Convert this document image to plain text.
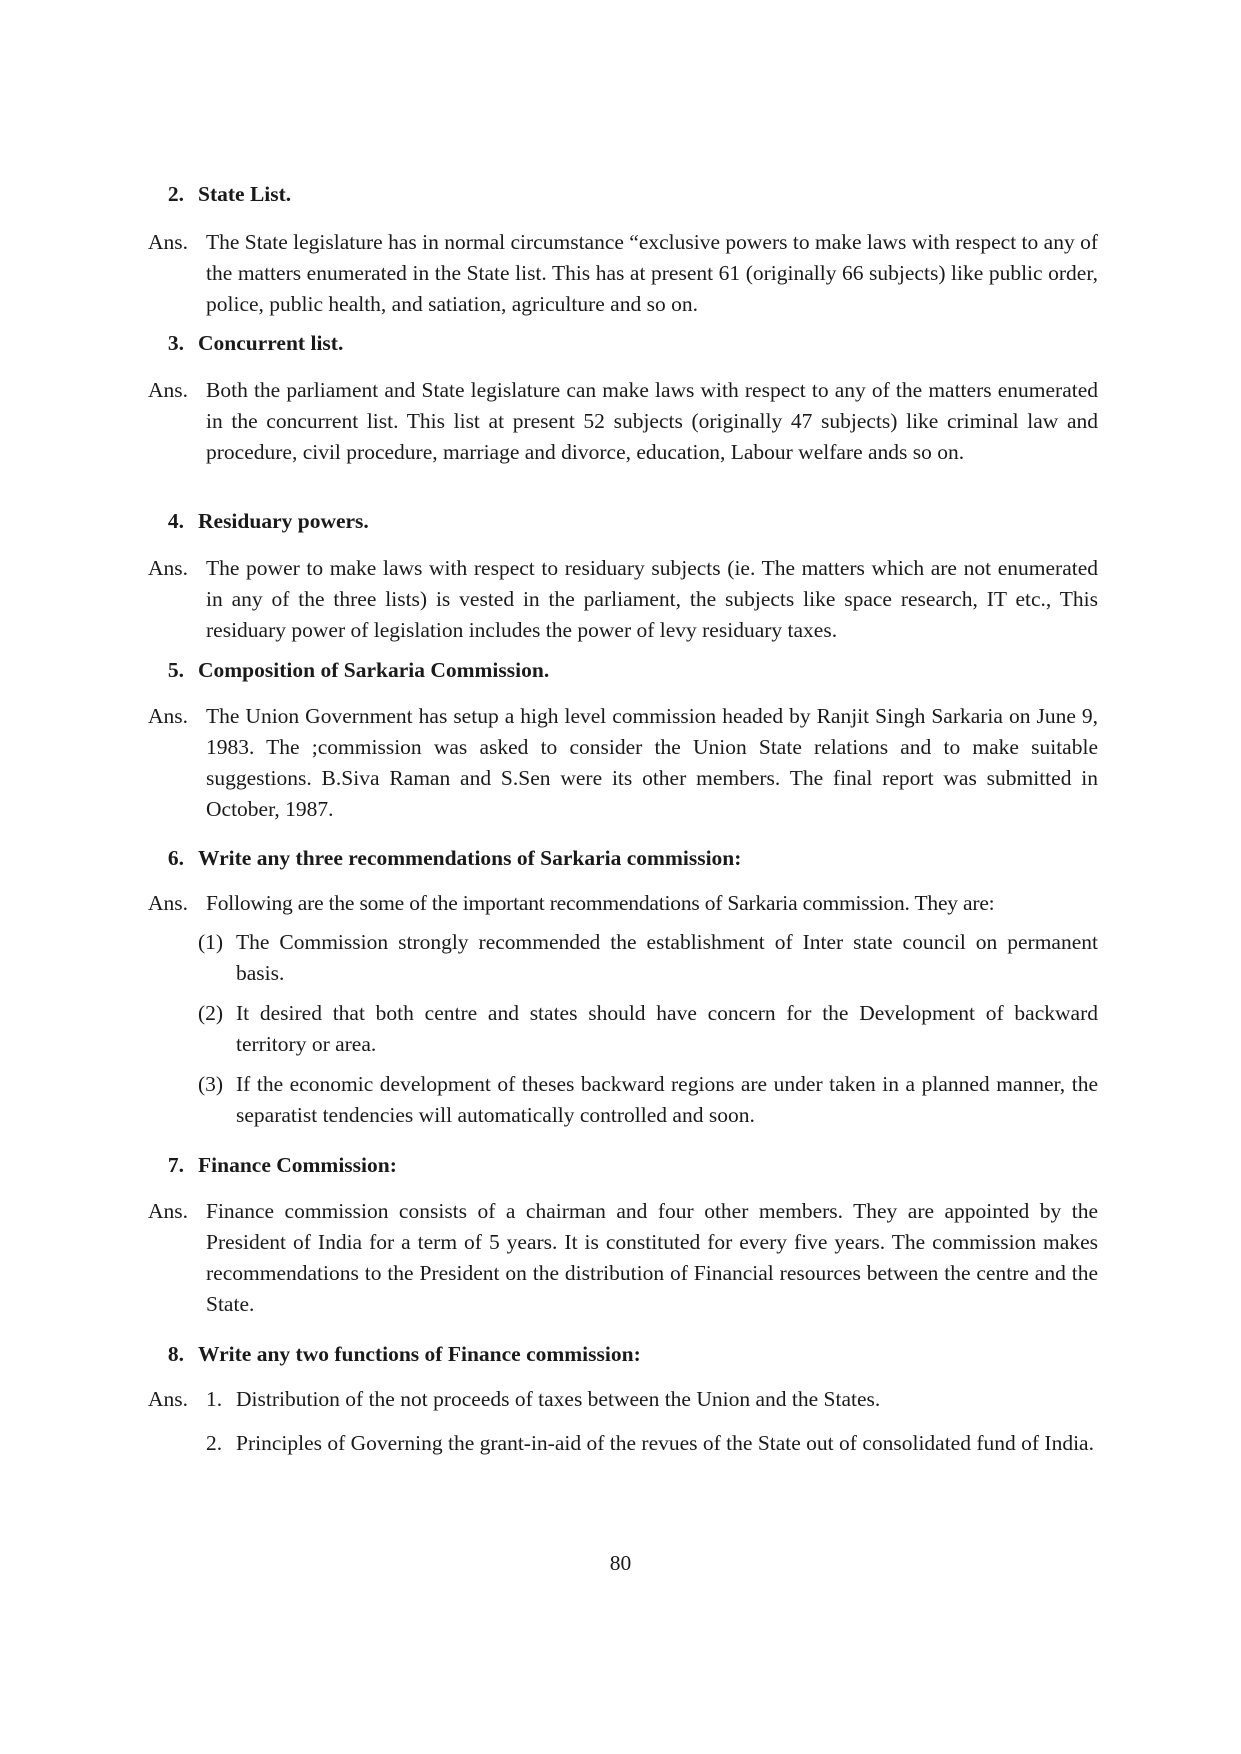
2. State List.
Ans. The State legislature has in normal circumstance “exclusive powers to make laws with respect to any of the matters enumerated in the State list. This has at present 61 (originally 66 subjects) like public order, police, public health, and satiation, agriculture and so on.
3. Concurrent list.
Ans. Both the parliament and State legislature can make laws with respect to any of the matters enumerated in the concurrent list. This list at present 52 subjects (originally 47 subjects) like criminal law and procedure, civil procedure, marriage and divorce, education, Labour welfare ands so on.
4. Residuary powers.
Ans. The power to make laws with respect to residuary subjects (ie. The matters which are not enumerated in any of the three lists) is vested in the parliament, the subjects like space research, IT etc., This residuary power of legislation includes the power of levy residuary taxes.
5. Composition of Sarkaria Commission.
Ans. The Union Government has setup a high level commission headed by Ranjit Singh Sarkaria on June 9, 1983. The ;commission was asked to consider the Union State relations and to make suitable suggestions. B.Siva Raman and S.Sen were its other members. The final report was submitted in October, 1987.
6. Write any three recommendations of Sarkaria commission:
Ans. Following are the some of the important recommendations of Sarkaria commission. They are:
(1) The Commission strongly recommended the establishment of Inter state council on permanent basis.
(2) It desired that both centre and states should have concern for the Development of backward territory or area.
(3) If the economic development of theses backward regions are under taken in a planned manner, the separatist tendencies will automatically controlled and soon.
7. Finance Commission:
Ans. Finance commission consists of a chairman and four other members. They are appointed by the President of India for a term of 5 years. It is constituted for every five years. The commission makes recommendations to the President on the distribution of Financial resources between the centre and the State.
8. Write any two functions of Finance commission:
Ans. 1. Distribution of the not proceeds of taxes between the Union and the States.
2. Principles of Governing the grant-in-aid of the revues of the State out of consolidated fund of India.
80
